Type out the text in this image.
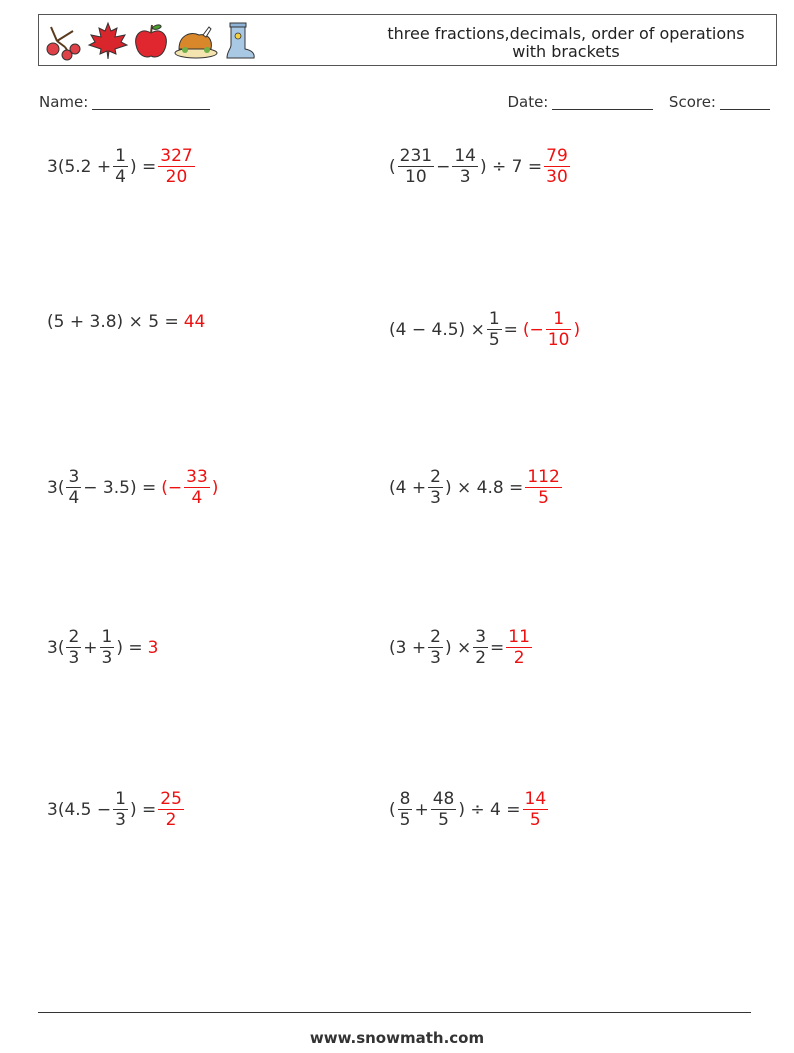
three fractions,decimals, order of operations
with brackets
Name:	Date:	Score:
$3(5.2 + \frac{1}{4}$ ) = $\frac{327}{20}$	( $\frac{231}{10} - \frac{14}{3}$ ) ÷ $7 = \frac{79}{30}$
(5 + 3.8) × 5 = 44	$(4 - 4.5) \times \frac{1}{5}$ = (− $\frac{1}{10}$ )
$3( \frac{3}{4} - 3.5)$ = (− $\frac{33}{4}$ )	($4 + \frac{2}{3}$ ) × $4.8 = \frac{112}{5}$
$3( \frac{2}{3} + \frac{1}{3}$ ) = 3	($3 + \frac{2}{3}$ ) × $\frac{3}{2} = \frac{11}{2}$
$3(4.5 - \frac{1}{3}$ ) = $\frac{25}{2}$	( $\frac{8}{5} + \frac{48}{5}$ ) ÷ $4 = \frac{14}{5}$
www.snowmath.com
